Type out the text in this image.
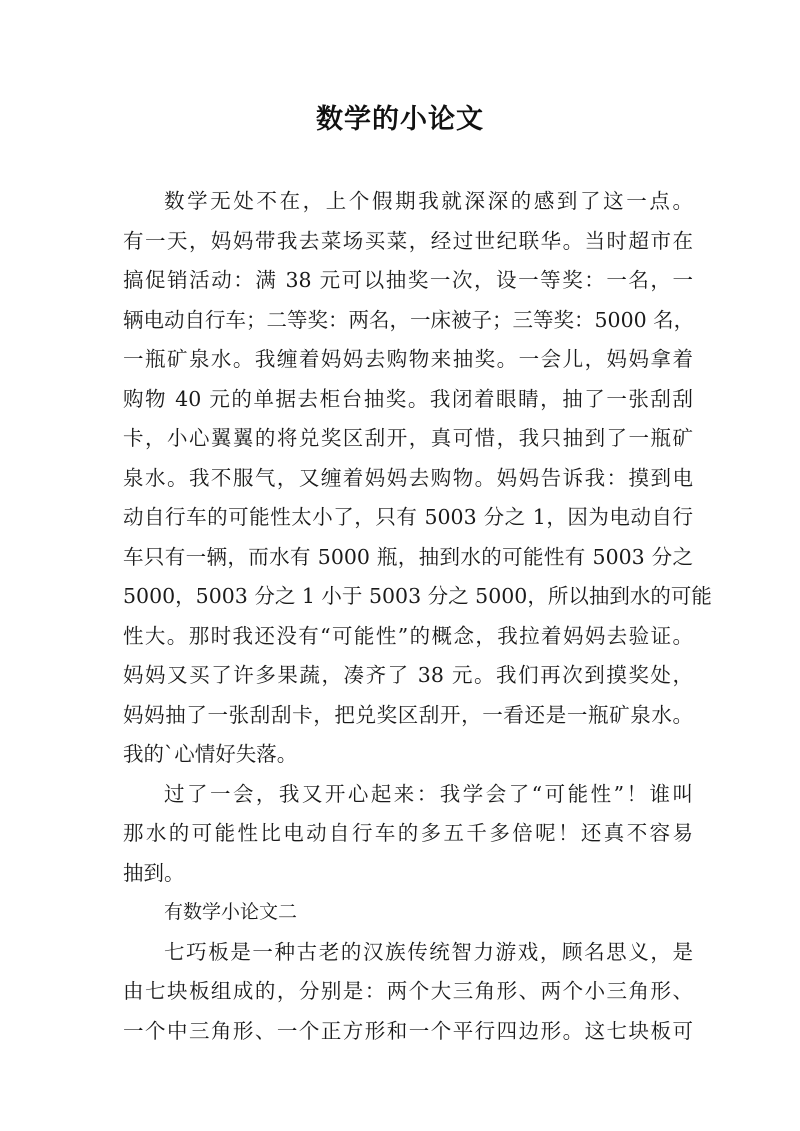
数学的小论文
数学无处不在，上个假期我就深深的感到了这一点。
有一天，妈妈带我去菜场买菜，经过世纪联华。当时超市在
搞促销活动：满 38 元可以抽奖一次，设一等奖：一名，一
辆电动自行车；二等奖：两名，一床被子；三等奖：5000 名，
一瓶矿泉水。我缠着妈妈去购物来抽奖。一会儿，妈妈拿着
购物 40 元的单据去柜台抽奖。我闭着眼睛，抽了一张刮刮
卡，小心翼翼的将兑奖区刮开，真可惜，我只抽到了一瓶矿
泉水。我不服气，又缠着妈妈去购物。妈妈告诉我：摸到电
动自行车的可能性太小了，只有 5003 分之 1，因为电动自行
车只有一辆，而水有 5000 瓶，抽到水的可能性有 5003 分之
5000，5003 分之 1 小于 5003 分之 5000，所以抽到水的可能
性大。那时我还没有“可能性”的概念，我拉着妈妈去验证。
妈妈又买了许多果蔬，凑齐了 38 元。我们再次到摸奖处，
妈妈抽了一张刮刮卡，把兑奖区刮开，一看还是一瓶矿泉水。
我的`心情好失落。
过了一会，我又开心起来：我学会了“可能性”！谁叫
那水的可能性比电动自行车的多五千多倍呢！还真不容易
抽到。
有数学小论文二
七巧板是一种古老的汉族传统智力游戏，顾名思义，是
由七块板组成的，分别是：两个大三角形、两个小三角形、
一个中三角形、一个正方形和一个平行四边形。这七块板可
